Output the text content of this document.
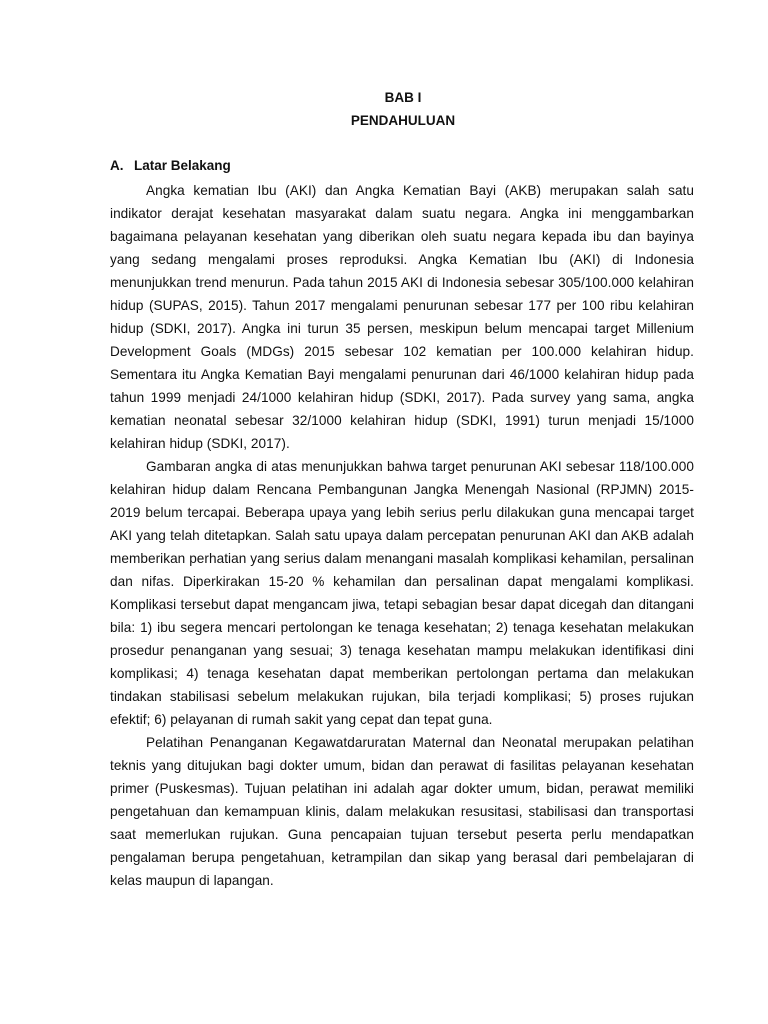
BAB I
PENDAHULUAN
A. Latar Belakang

Angka kematian Ibu (AKI) dan Angka Kematian Bayi (AKB) merupakan salah satu indikator derajat kesehatan masyarakat dalam suatu negara. Angka ini menggambarkan bagaimana pelayanan kesehatan yang diberikan oleh suatu negara kepada ibu dan bayinya yang sedang mengalami proses reproduksi. Angka Kematian Ibu (AKI) di Indonesia menunjukkan trend menurun. Pada tahun 2015 AKI di Indonesia sebesar 305/100.000 kelahiran hidup (SUPAS, 2015). Tahun 2017 mengalami penurunan sebesar 177 per 100 ribu kelahiran hidup (SDKI, 2017). Angka ini turun 35 persen, meskipun belum mencapai target Millenium Development Goals (MDGs) 2015 sebesar 102 kematian per 100.000 kelahiran hidup. Sementara itu Angka Kematian Bayi mengalami penurunan dari 46/1000 kelahiran hidup pada tahun 1999 menjadi 24/1000 kelahiran hidup (SDKI, 2017). Pada survey yang sama, angka kematian neonatal sebesar 32/1000 kelahiran hidup (SDKI, 1991) turun menjadi 15/1000 kelahiran hidup (SDKI, 2017).

Gambaran angka di atas menunjukkan bahwa target penurunan AKI sebesar 118/100.000 kelahiran hidup dalam Rencana Pembangunan Jangka Menengah Nasional (RPJMN) 2015-2019 belum tercapai. Beberapa upaya yang lebih serius perlu dilakukan guna mencapai target AKI yang telah ditetapkan. Salah satu upaya dalam percepatan penurunan AKI dan AKB adalah memberikan perhatian yang serius dalam menangani masalah komplikasi kehamilan, persalinan dan nifas. Diperkirakan 15-20 % kehamilan dan persalinan dapat mengalami komplikasi. Komplikasi tersebut dapat mengancam jiwa, tetapi sebagian besar dapat dicegah dan ditangani bila: 1) ibu segera mencari pertolongan ke tenaga kesehatan; 2) tenaga kesehatan melakukan prosedur penanganan yang sesuai; 3) tenaga kesehatan mampu melakukan identifikasi dini komplikasi; 4) tenaga kesehatan dapat memberikan pertolongan pertama dan melakukan tindakan stabilisasi sebelum melakukan rujukan, bila terjadi komplikasi; 5) proses rujukan efektif; 6) pelayanan di rumah sakit yang cepat dan tepat guna.

Pelatihan Penanganan Kegawatdaruratan Maternal dan Neonatal merupakan pelatihan teknis yang ditujukan bagi dokter umum, bidan dan perawat di fasilitas pelayanan kesehatan primer (Puskesmas). Tujuan pelatihan ini adalah agar dokter umum, bidan, perawat memiliki pengetahuan dan kemampuan klinis, dalam melakukan resusitasi, stabilisasi dan transportasi saat memerlukan rujukan. Guna pencapaian tujuan tersebut peserta perlu mendapatkan pengalaman berupa pengetahuan, ketrampilan dan sikap yang berasal dari pembelajaran di kelas maupun di lapangan.
